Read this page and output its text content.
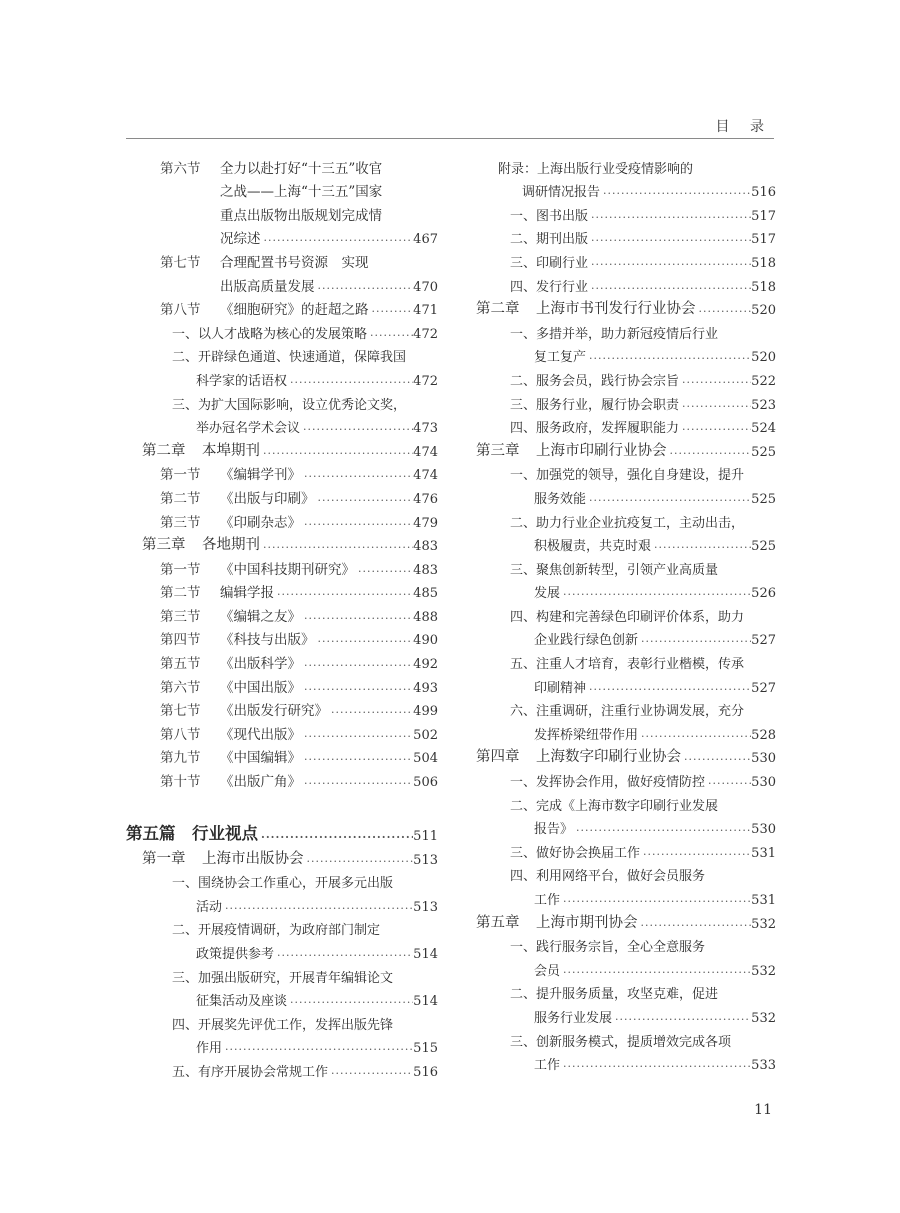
目 录
第六节	全力以赴打好“十三五”收官
之战——上海“十三五”国家
重点出版物出版规划完成情
况综述 ·····	467
第七节	合理配置书号资源　实现
出版高质量发展 ·····	470
第八节	《细胞研究》的赶超之路 ·····	471
一、以人才战略为核心的发展策略 ·····	472
二、开辟绿色通道、快速通道，保障我国
科学家的话语权 ·····	472
三、为扩大国际影响，设立优秀论文奖，
举办冠名学术会议 ·····	473
第二章	本埠期刊 ·····	474
第一节	《编辑学刊》 ·····	474
第二节	《出版与印刷》 ·····	476
第三节	《印刷杂志》 ·····	479
第三章	各地期刊 ·····	483
第一节	《中国科技期刊研究》 ·····	483
第二节	编辑学报 ·····	485
第三节	《编辑之友》 ·····	488
第四节	《科技与出版》 ·····	490
第五节	《出版科学》 ·····	492
第六节	《中国出版》 ·····	493
第七节	《出版发行研究》 ·····	499
第八节	《现代出版》 ·····	502
第九节	《中国编辑》 ·····	504
第十节	《出版广角》 ·····	506
第五篇	行业视点 ·····	511
第一章	上海市出版协会 ·····	513
一、围绕协会工作重心，开展多元出版
活动 ·····	513
二、开展疫情调研，为政府部门制定
政策提供参考 ·····	514
三、加强出版研究，开展青年编辑论文
征集活动及座谈 ·····	514
四、开展奖先评优工作，发挥出版先锋
作用 ·····	515
五、有序开展协会常规工作 ·····	516
附录：上海出版行业受疫情影响的
调研情况报告 ·····	516
一、图书出版 ·····	517
二、期刊出版 ·····	517
三、印刷行业 ·····	518
四、发行行业 ·····	518
第二章	上海市书刊发行行业协会 ·····	520
一、多措并举，助力新冠疫情后行业
复工复产 ·····	520
二、服务会员，践行协会宗旨 ·····	522
三、服务行业，履行协会职责 ·····	523
四、服务政府，发挥履职能力 ·····	524
第三章	上海市印刷行业协会 ·····	525
一、加强党的领导，强化自身建设，提升
服务效能 ·····	525
二、助力行业企业抗疫复工，主动出击，
积极履责，共克时艰 ·····	525
三、聚焦创新转型，引领产业高质量
发展 ·····	526
四、构建和完善绿色印刷评价体系，助力
企业践行绿色创新 ·····	527
五、注重人才培育，表彰行业楷模，传承
印刷精神 ·····	527
六、注重调研，注重行业协调发展，充分
发挥桥梁纽带作用 ·····	528
第四章	上海数字印刷行业协会 ·····	530
一、发挥协会作用，做好疫情防控 ·····	530
二、完成《上海市数字印刷行业发展
报告》 ·····	530
三、做好协会换届工作 ·····	531
四、利用网络平台，做好会员服务
工作 ·····	531
第五章	上海市期刊协会 ·····	532
一、践行服务宗旨，全心全意服务
会员 ·····	532
二、提升服务质量，攻坚克难，促进
服务行业发展 ·····	532
三、创新服务模式，提质增效完成各项
工作 ·····	533
11
